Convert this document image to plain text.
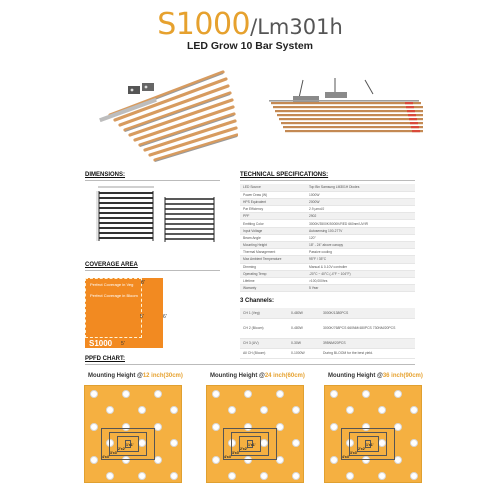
S1000/Lm301h
LED Grow 10 Bar System
DIMENSIONS:
COVERAGE AREA
Perfect Coverage in Veg 8'
Perfect Coverage in Bloom
5'	6'
S1000 5'
TECHNICAL SPECIFICATIONS:
LED Source	Top Bin Samsung LM301H Diodes
Power Draw (W)	1000W
HPS Equivalent	2000W
Par Efficiency	2.9 μmol/J
PPF	2902
Emitting Color	3000K/3500K/5000K/RED 660nm/UV/IR
Input Voltage	Autosensing 100-277V
Beam Angle	120°
Mounting Height	18" - 24" above canopy
Thermal Management	Passive cooling
Max Ambient Temperature	95°F / 35°C
Dimming	Manual & 0-10V controller
Operating Temp	-20°C ~ 40°C (-4°F ~ 104°F)
Lifetime	>100,000hrs
Warranty	5 Year
3 Channels:
CH 1 (Veg)	0-480W	3000K/1380PCS
CH 2 (Bloom)	0-480W	3000K/768PCS 660NM/480PCS 730NM/20PCS
CH 3 (UV)	0-30W	395NM/20PCS
All CH (Bloom)	0-1000W	During BLOOM for the best yield.
PPFD CHART:
Mounting Height @12 inch(30cm)
1'x1'
2'x2'
3'x3'
4'x4'
Mounting Height @24 inch(60cm)
1'x1'
2'x2'
3'x3'
4'x4'
Mounting Height @36 inch(90cm)
1'x1'
2'x2'
3'x3'
4'x4'
